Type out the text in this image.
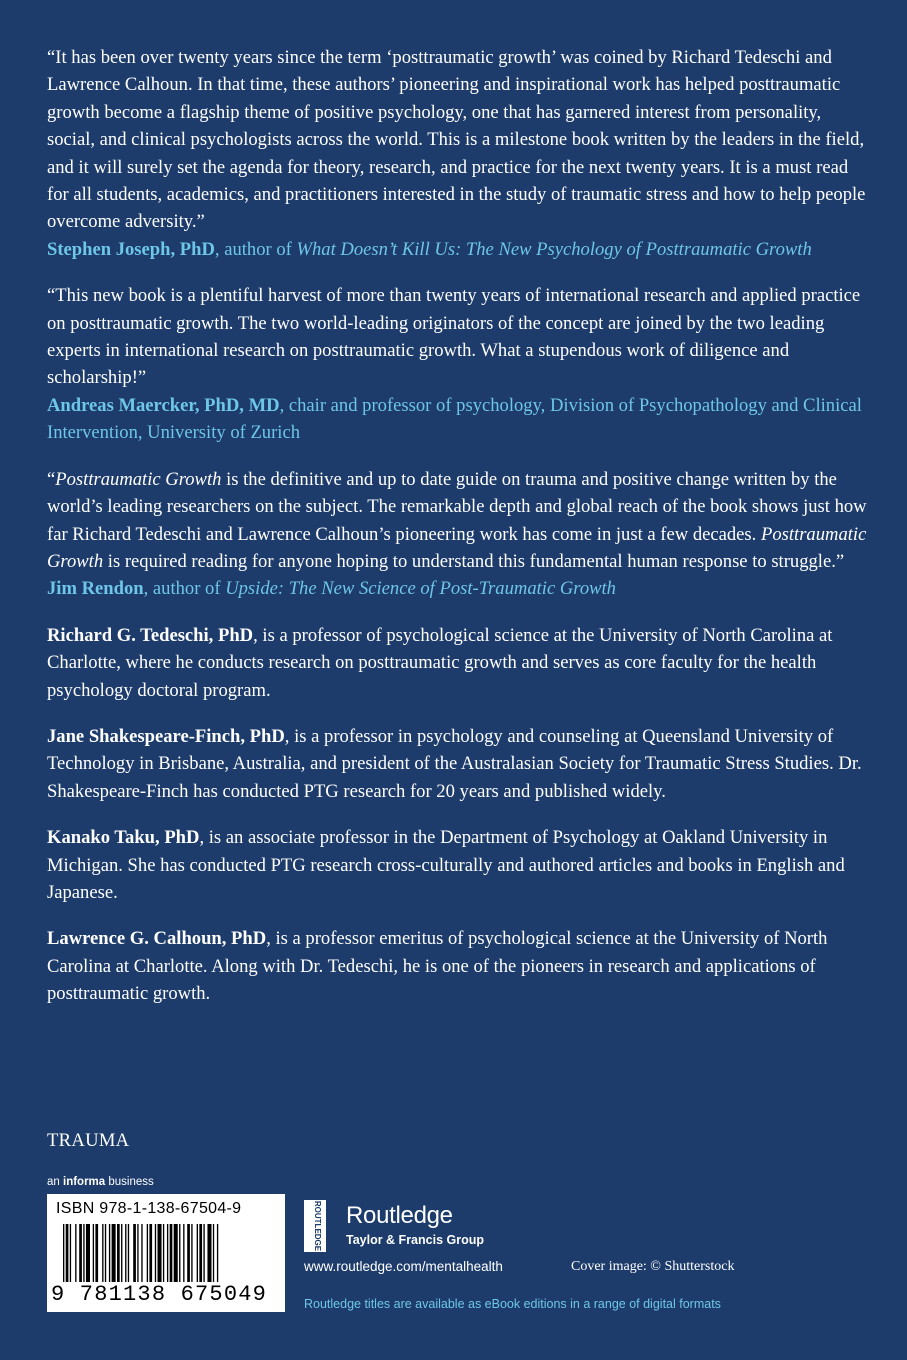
“It has been over twenty years since the term ‘posttraumatic growth’ was coined by Richard Tedeschi and Lawrence Calhoun. In that time, these authors’ pioneering and inspirational work has helped posttraumatic growth become a flagship theme of positive psychology, one that has garnered interest from personality, social, and clinical psychologists across the world. This is a milestone book written by the leaders in the field, and it will surely set the agenda for theory, research, and practice for the next twenty years. It is a must read for all students, academics, and practitioners interested in the study of traumatic stress and how to help people overcome adversity.”
Stephen Joseph, PhD, author of What Doesn’t Kill Us: The New Psychology of Posttraumatic Growth

“This new book is a plentiful harvest of more than twenty years of international research and applied practice on posttraumatic growth. The two world-leading originators of the concept are joined by the two leading experts in international research on posttraumatic growth. What a stupendous work of diligence and scholarship!”
Andreas Maercker, PhD, MD, chair and professor of psychology, Division of Psychopathology and Clinical Intervention, University of Zurich

“Posttraumatic Growth is the definitive and up to date guide on trauma and positive change written by the world’s leading researchers on the subject. The remarkable depth and global reach of the book shows just how far Richard Tedeschi and Lawrence Calhoun’s pioneering work has come in just a few decades. Posttraumatic Growth is required reading for anyone hoping to understand this fundamental human response to struggle.”
Jim Rendon, author of Upside: The New Science of Post-Traumatic Growth

Richard G. Tedeschi, PhD, is a professor of psychological science at the University of North Carolina at Charlotte, where he conducts research on posttraumatic growth and serves as core faculty for the health psychology doctoral program.

Jane Shakespeare-Finch, PhD, is a professor in psychology and counseling at Queensland University of Technology in Brisbane, Australia, and president of the Australasian Society for Traumatic Stress Studies. Dr. Shakespeare-Finch has conducted PTG research for 20 years and published widely.

Kanako Taku, PhD, is an associate professor in the Department of Psychology at Oakland University in Michigan. She has conducted PTG research cross-culturally and authored articles and books in English and Japanese.

Lawrence G. Calhoun, PhD, is a professor emeritus of psychological science at the University of North Carolina at Charlotte. Along with Dr. Tedeschi, he is one of the pioneers in research and applications of posttraumatic growth.

TRAUMA
an informa business
ISBN 978-1-138-67504-9
9 781138 675049
ROUTLEDGE Routledge
Taylor & Francis Group
www.routledge.com/mentalhealth	Cover image: © Shutterstock
Routledge titles are available as eBook editions in a range of digital formats
